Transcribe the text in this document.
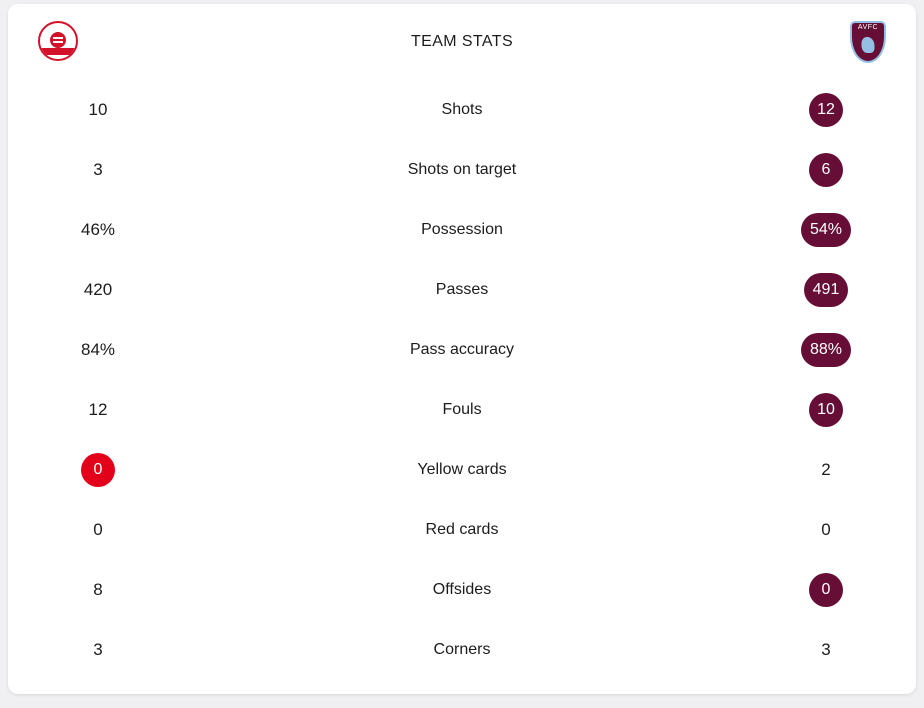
TEAM STATS
AVFC
10	Shots	12
3	Shots on target	6
46%	Possession	54%
420	Passes	491
84%	Pass accuracy	88%
12	Fouls	10
0	Yellow cards	2
0	Red cards	0
8	Offsides	0
3	Corners	3
